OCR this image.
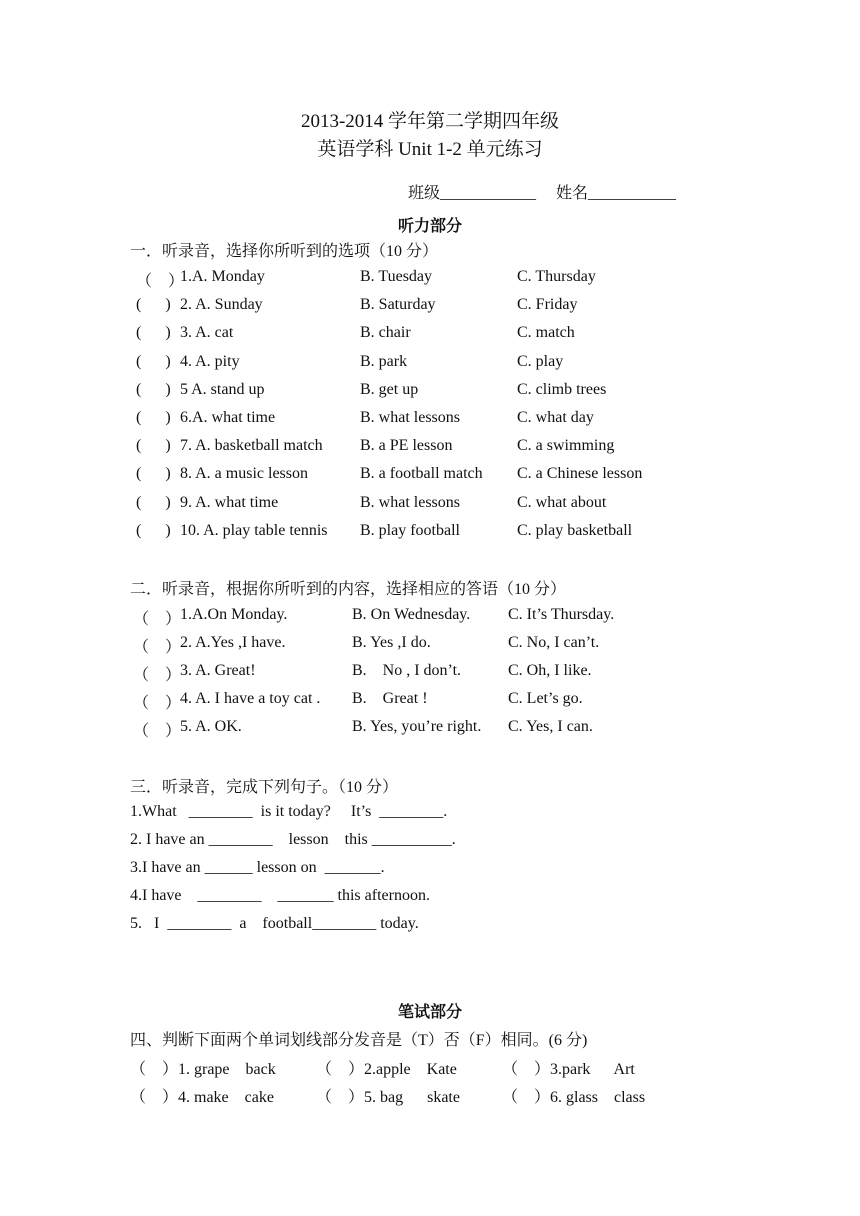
2013-2014 学年第二学期四年级
英语学科 Unit 1-2 单元练习

班级____________	姓名___________

听力部分
一．听录音，选择你所听到的选项（10 分）
（    ）
1.A. Monday	B. Tuesday	C. Thursday
(      ) 2. A. Sunday	B. Saturday	C. Friday
(      ) 3. A. cat	B. chair	C. match
(      ) 4. A. pity	B. park	C. play
(      ) 5 A. stand up	B. get up	C. climb trees
(      ) 6.A. what time	B. what lessons	C. what day
(      ) 7. A. basketball match B. a PE lesson	C. a swimming
(      ) 8. A. a music lesson	B. a football match C. a Chinese lesson
(      ) 9. A. what time	B. what lessons	C. what about
(      ) 10. A. play table tennis B. play football	C. play basketball
二．听录音，根据你所听到的内容，选择相应的答语（10 分）
（    ）
1.A.On Monday.	B. On Wednesday. C. It’s Thursday.
（    ）
2. A.Yes ,I have.	B. Yes ,I do.	C. No, I can’t.
（    ）
3. A. Great!	B.    No , I don’t.	C. Oh, I like.
（    ）
4. A. I have a toy cat . B.    Great !	C. Let’s go.
（    ）
5. A. OK.	B. Yes, you’re right. C. Yes, I can.
三．听录音，完成下列句子。（10 分）
1.What   ________  is it today?     It’s  ________.
2. I have an ________    lesson    this __________.
3.I have an ______ lesson on  _______.
4.I have    ________    _______ this afternoon.
5.   I  ________  a    football________ today.
笔试部分
四、判断下面两个单词划线部分发音是（T）否（F）相同。(6 分)
（    ）1. grape    back	（    ）2.apple    Kate	（    ）3.park      Art
（    ）4. make    cake	（    ）5. bag      skate	（    ）6. glass    class
